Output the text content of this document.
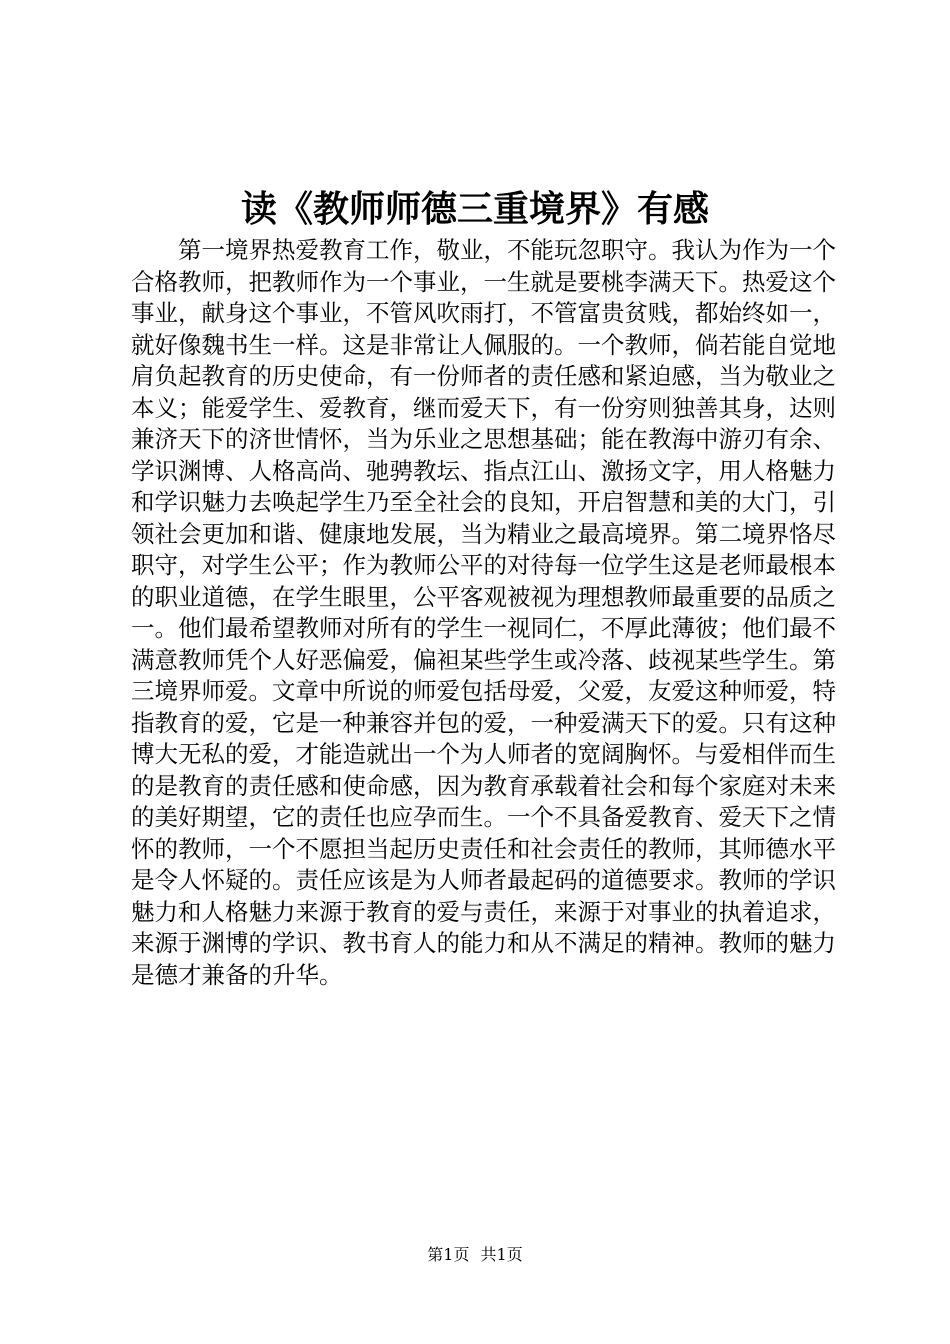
读《教师师德三重境界》有感

第一境界热爱教育工作，敬业，不能玩忽职守。我认为作为一个合格教师，把教师作为一个事业，一生就是要桃李满天下。热爱这个事业，献身这个事业，不管风吹雨打，不管富贵贫贱，都始终如一，就好像魏书生一样。这是非常让人佩服的。一个教师，倘若能自觉地肩负起教育的历史使命，有一份师者的责任感和紧迫感，当为敬业之本义；能爱学生、爱教育，继而爱天下，有一份穷则独善其身，达则兼济天下的济世情怀，当为乐业之思想基础；能在教海中游刃有余、学识渊博、人格高尚、驰骋教坛、指点江山、激扬文字，用人格魅力和学识魅力去唤起学生乃至全社会的良知，开启智慧和美的大门，引领社会更加和谐、健康地发展，当为精业之最高境界。第二境界恪尽职守，对学生公平；作为教师公平的对待每一位学生这是老师最根本的职业道德，在学生眼里，公平客观被视为理想教师最重要的品质之一。他们最希望教师对所有的学生一视同仁，不厚此薄彼；他们最不满意教师凭个人好恶偏爱，偏袒某些学生或冷落、歧视某些学生。第三境界师爱。文章中所说的师爱包括母爱，父爱，友爱这种师爱，特指教育的爱，它是一种兼容并包的爱，一种爱满天下的爱。只有这种博大无私的爱，才能造就出一个为人师者的宽阔胸怀。与爱相伴而生的是教育的责任感和使命感，因为教育承载着社会和每个家庭对未来的美好期望，它的责任也应孕而生。一个不具备爱教育、爱天下之情怀的教师，一个不愿担当起历史责任和社会责任的教师，其师德水平是令人怀疑的。责任应该是为人师者最起码的道德要求。教师的学识魅力和人格魅力来源于教育的爱与责任，来源于对事业的执着追求，来源于渊博的学识、教书育人的能力和从不满足的精神。教师的魅力是德才兼备的升华。

第1页 共1页
